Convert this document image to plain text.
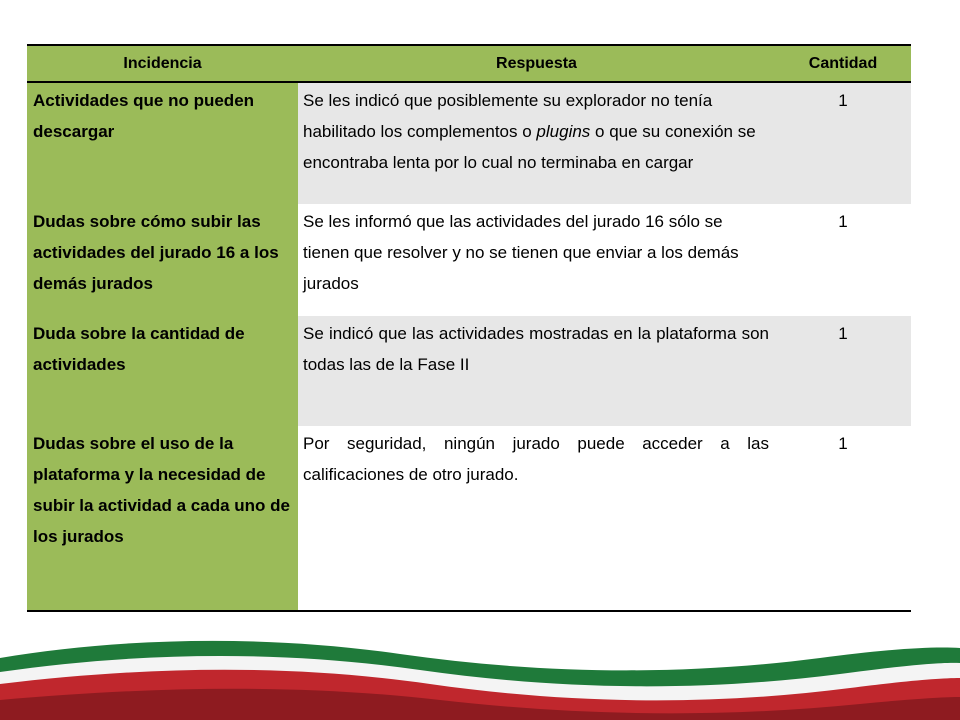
Incidencia	Respuesta	Cantidad
Actividades que no pueden descargar	Se les indicó que posiblemente su explorador no tenía habilitado los complementos o plugins o que su conexión se encontraba lenta por lo cual no terminaba en cargar	1
Dudas sobre cómo subir las actividades del jurado 16 a los demás jurados	Se les informó que las actividades del jurado 16 sólo se tienen que resolver y no se tienen que enviar a los demás jurados	1
Duda sobre la cantidad de actividades	Se indicó que las actividades mostradas en la plataforma son todas las de la Fase II	1
Dudas sobre el uso de la plataforma y la necesidad de subir la actividad a cada uno de los jurados	Por seguridad, ningún jurado puede acceder a las calificaciones de otro jurado.	1
